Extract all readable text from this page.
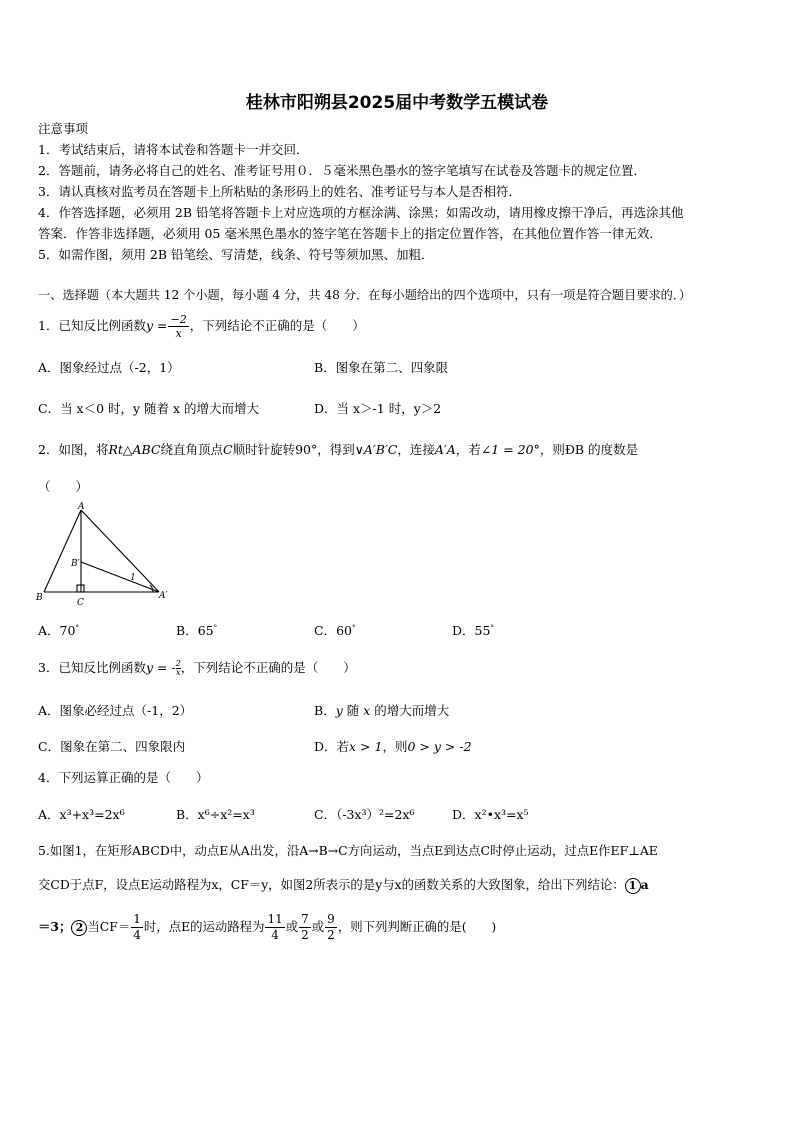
桂林市阳朔县2025届中考数学五模试卷
注意事项
1．考试结束后，请将本试卷和答题卡一并交回．
2．答题前，请务必将自己的姓名、准考证号用０．５毫米黑色墨水的签字笔填写在试卷及答题卡的规定位置．
3．请认真核对监考员在答题卡上所粘贴的条形码上的姓名、准考证号与本人是否相符．
4．作答选择题，必须用 2B 铅笔将答题卡上对应选项的方框涂满、涂黑；如需改动，请用橡皮擦干净后，再选涂其他
答案．作答非选择题，必须用 05 毫米黑色墨水的签字笔在答题卡上的指定位置作答，在其他位置作答一律无效．
5．如需作图，须用 2B 铅笔绘、写清楚，线条、符号等须加黑、加粗．
一、选择题（本大题共 12 个小题，每小题 4 分，共 48 分．在每小题给出的四个选项中，只有一项是符合题目要求的．）
1．已知反比例函数$y = \frac{-2}{x}$ ，下列结论不正确的是（　　）
A．图象经过点（-2，1）	B．图象在第二、四象限
C．当 x＜0 时，y 随着 x 的增大而增大	D．当 x＞-1 时，y＞2
2．如图，将Rt△ABC绕直角顶点C顺时针旋转90°，得到∨A′B′C，连接A′A，若∠1 = 20°，则ÐB 的度数是
（　　）
A
B′
1
B	C
A′
A．70°	B．65°	C．60°	D．55°
3．已知反比例函数y = - $\frac{2}{x}$ ，下列结论不正确的是（　　）
A．图象必经过点（-1，2）	B．y 随 x 的增大而增大
C．图象在第二、四象限内	D．若x > 1，则0 > y > -2
4．下列运算正确的是（　　）
A．x³+x³=2x⁶	B．x⁶÷x²=x³	C．（-3x³）²=2x⁶	D．x²•x³=x⁵
5.如图1，在矩形ABCD中，动点E从A出发，沿A→B→C方向运动，当点E到达点C时停止运动，过点E作EF⊥AE
交CD于点F，设点E运动路程为x，CF＝y，如图2所表示的是y与x的函数关系的大致图象，给出下列结论： 1 a
＝3； 2 当$CF= \frac{1}{4}$ 时，点E的运动路程为 $\frac{11}{4}$ 或 $\frac{7}{2}$ 或 $\frac{9}{2}$ ，则下列判断正确的是(　　)
